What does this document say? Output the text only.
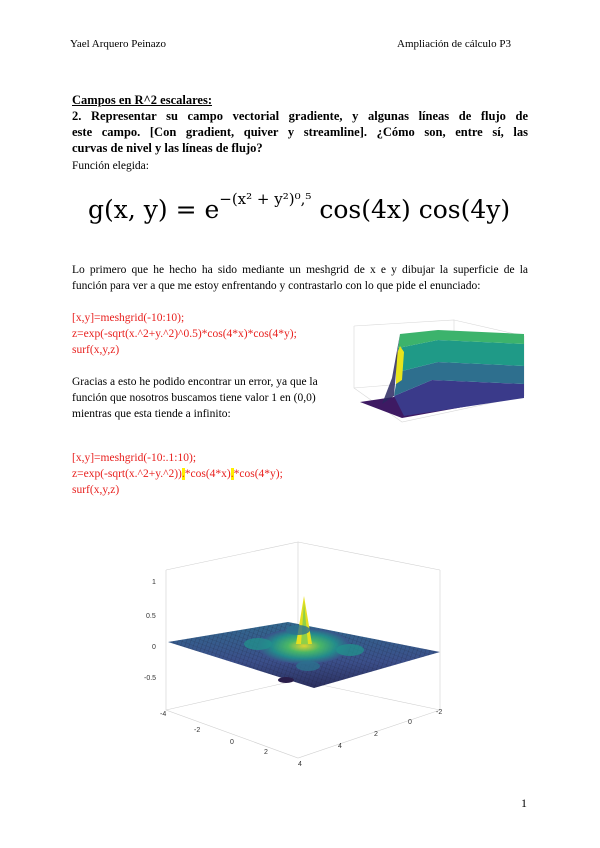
Yael Arquero Peinazo	Ampliación de cálculo P3
Campos en R^2 escalares:
2. Representar su campo vectorial gradiente, y algunas líneas de flujo de
este campo. [Con gradient, quiver y streamline]. ¿Cómo son, entre sí, las
curvas de nivel y las líneas de flujo?
Función elegida:
g(x, $y) = e^{-(x^2 + y^2)^0,^5}$ cos(4x) cos(4y)
Lo primero que he hecho ha sido mediante un meshgrid de x e y dibujar la superficie de la
función para ver a que me estoy enfrentando y contrastarlo con lo que pide el enunciado:
[x,y]=meshgrid(-10:10);
z=exp(-sqrt(x.^2+y.^2)^0.5)*cos(4*x)*cos(4*y);
surf(x,y,z)
Gracias a esto he podido encontrar un error, ya que la
función que nosotros buscamos tiene valor 1 en (0,0)
mientras que esta tiende a infinito:
[x,y]=meshgrid(-10:.1:10);
z=exp(-sqrt(x.^2+y.^2)).*cos(4*x).*cos(4*y);
surf(x,y,z)
1
0.5
0
-0.5
-4
-2
0
2
4
4
2
0
-2
1
